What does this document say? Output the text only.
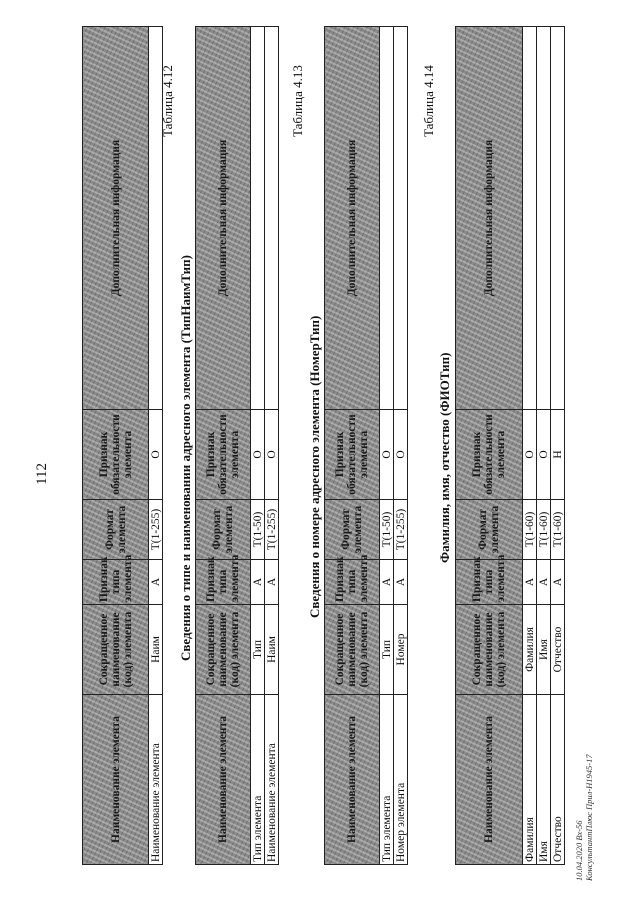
112
Наименование элемента	Сокращенное наименование (код) элемента	Признак типа элемента	Формат элемента	Признак обязательности элемента	Дополнительная информация
Наименование элемента	Наим	А	Т(1-255)	О	
Таблица 4.12
Сведения о типе и наименовании адресного элемента (ТипНаимТип)
Наименование элемента	Сокращенное наименование (код) элемента	Признак типа элемента	Формат элемента	Признак обязательности элемента	Дополнительная информация
Тип элемента	Тип	А	Т(1-50)	О	
Наименование элемента	Наим	А	Т(1-255)	О	
Таблица 4.13
Сведения о номере адресного элемента (НомерТип)
Наименование элемента	Сокращенное наименование (код) элемента	Признак типа элемента	Формат элемента	Признак обязательности элемента	Дополнительная информация
Тип элемента	Тип	А	Т(1-50)	О	
Номер элемента	Номер	А	Т(1-255)	О	
Таблица 4.14
Фамилия, имя, отчество (ФИОТип)
Наименование элемента	Сокращенное наименование (код) элемента	Признак типа элемента	Формат элемента	Признак обязательности элемента	Дополнительная информация
Фамилия	Фамилия	А	Т(1-60)	О	
Имя	Имя	А	Т(1-60)	О	
Отчество	Отчество	А	Т(1-60)	Н	
10.04.2020 Вх-56 КонсультантПлюс Прил-Н1945-17
